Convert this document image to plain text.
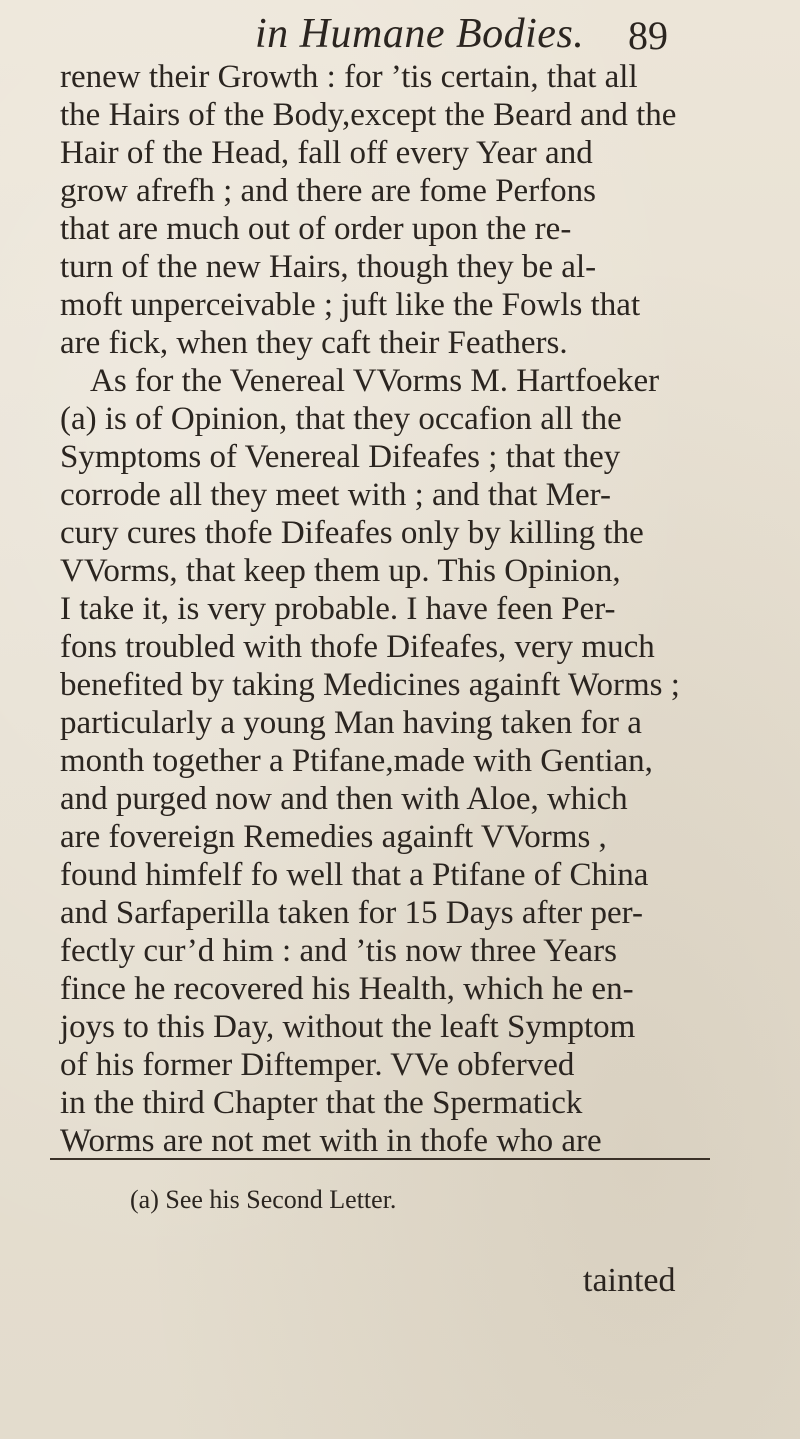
in Humane Bodies. 89
renew their Growth : for ’tis certain, that all
the Hairs of the Body,except the Beard and the
Hair of the Head, fall off every Year and
grow afrefh ; and there are fome Perfons
that are much out of order upon the re-
turn of the new Hairs, though they be al-
moft unperceivable ; juft like the Fowls that
are fick, when they caft their Feathers.
As for the Venereal VVorms M. Hartfoeker
(a) is of Opinion, that they occafion all the
Symptoms of Venereal Difeafes ; that they
corrode all they meet with ; and that Mer-
cury cures thofe Difeafes only by killing the
VVorms, that keep them up. This Opinion,
I take it, is very probable. I have feen Per-
fons troubled with thofe Difeafes, very much
benefited by taking Medicines againft Worms ;
particularly a young Man having taken for a
month together a Ptifane,made with Gentian,
and purged now and then with Aloe, which
are fovereign Remedies againft VVorms ,
found himfelf fo well that a Ptifane of China
and Sarfaperilla taken for 15 Days after per-
fectly cur’d him : and ’tis now three Years
fince he recovered his Health, which he en-
joys to this Day, without the leaft Symptom
of his former Diftemper. VVe obferved
in the third Chapter that the Spermatick
Worms are not met with in thofe who are
(a) See his Second Letter.
tainted
